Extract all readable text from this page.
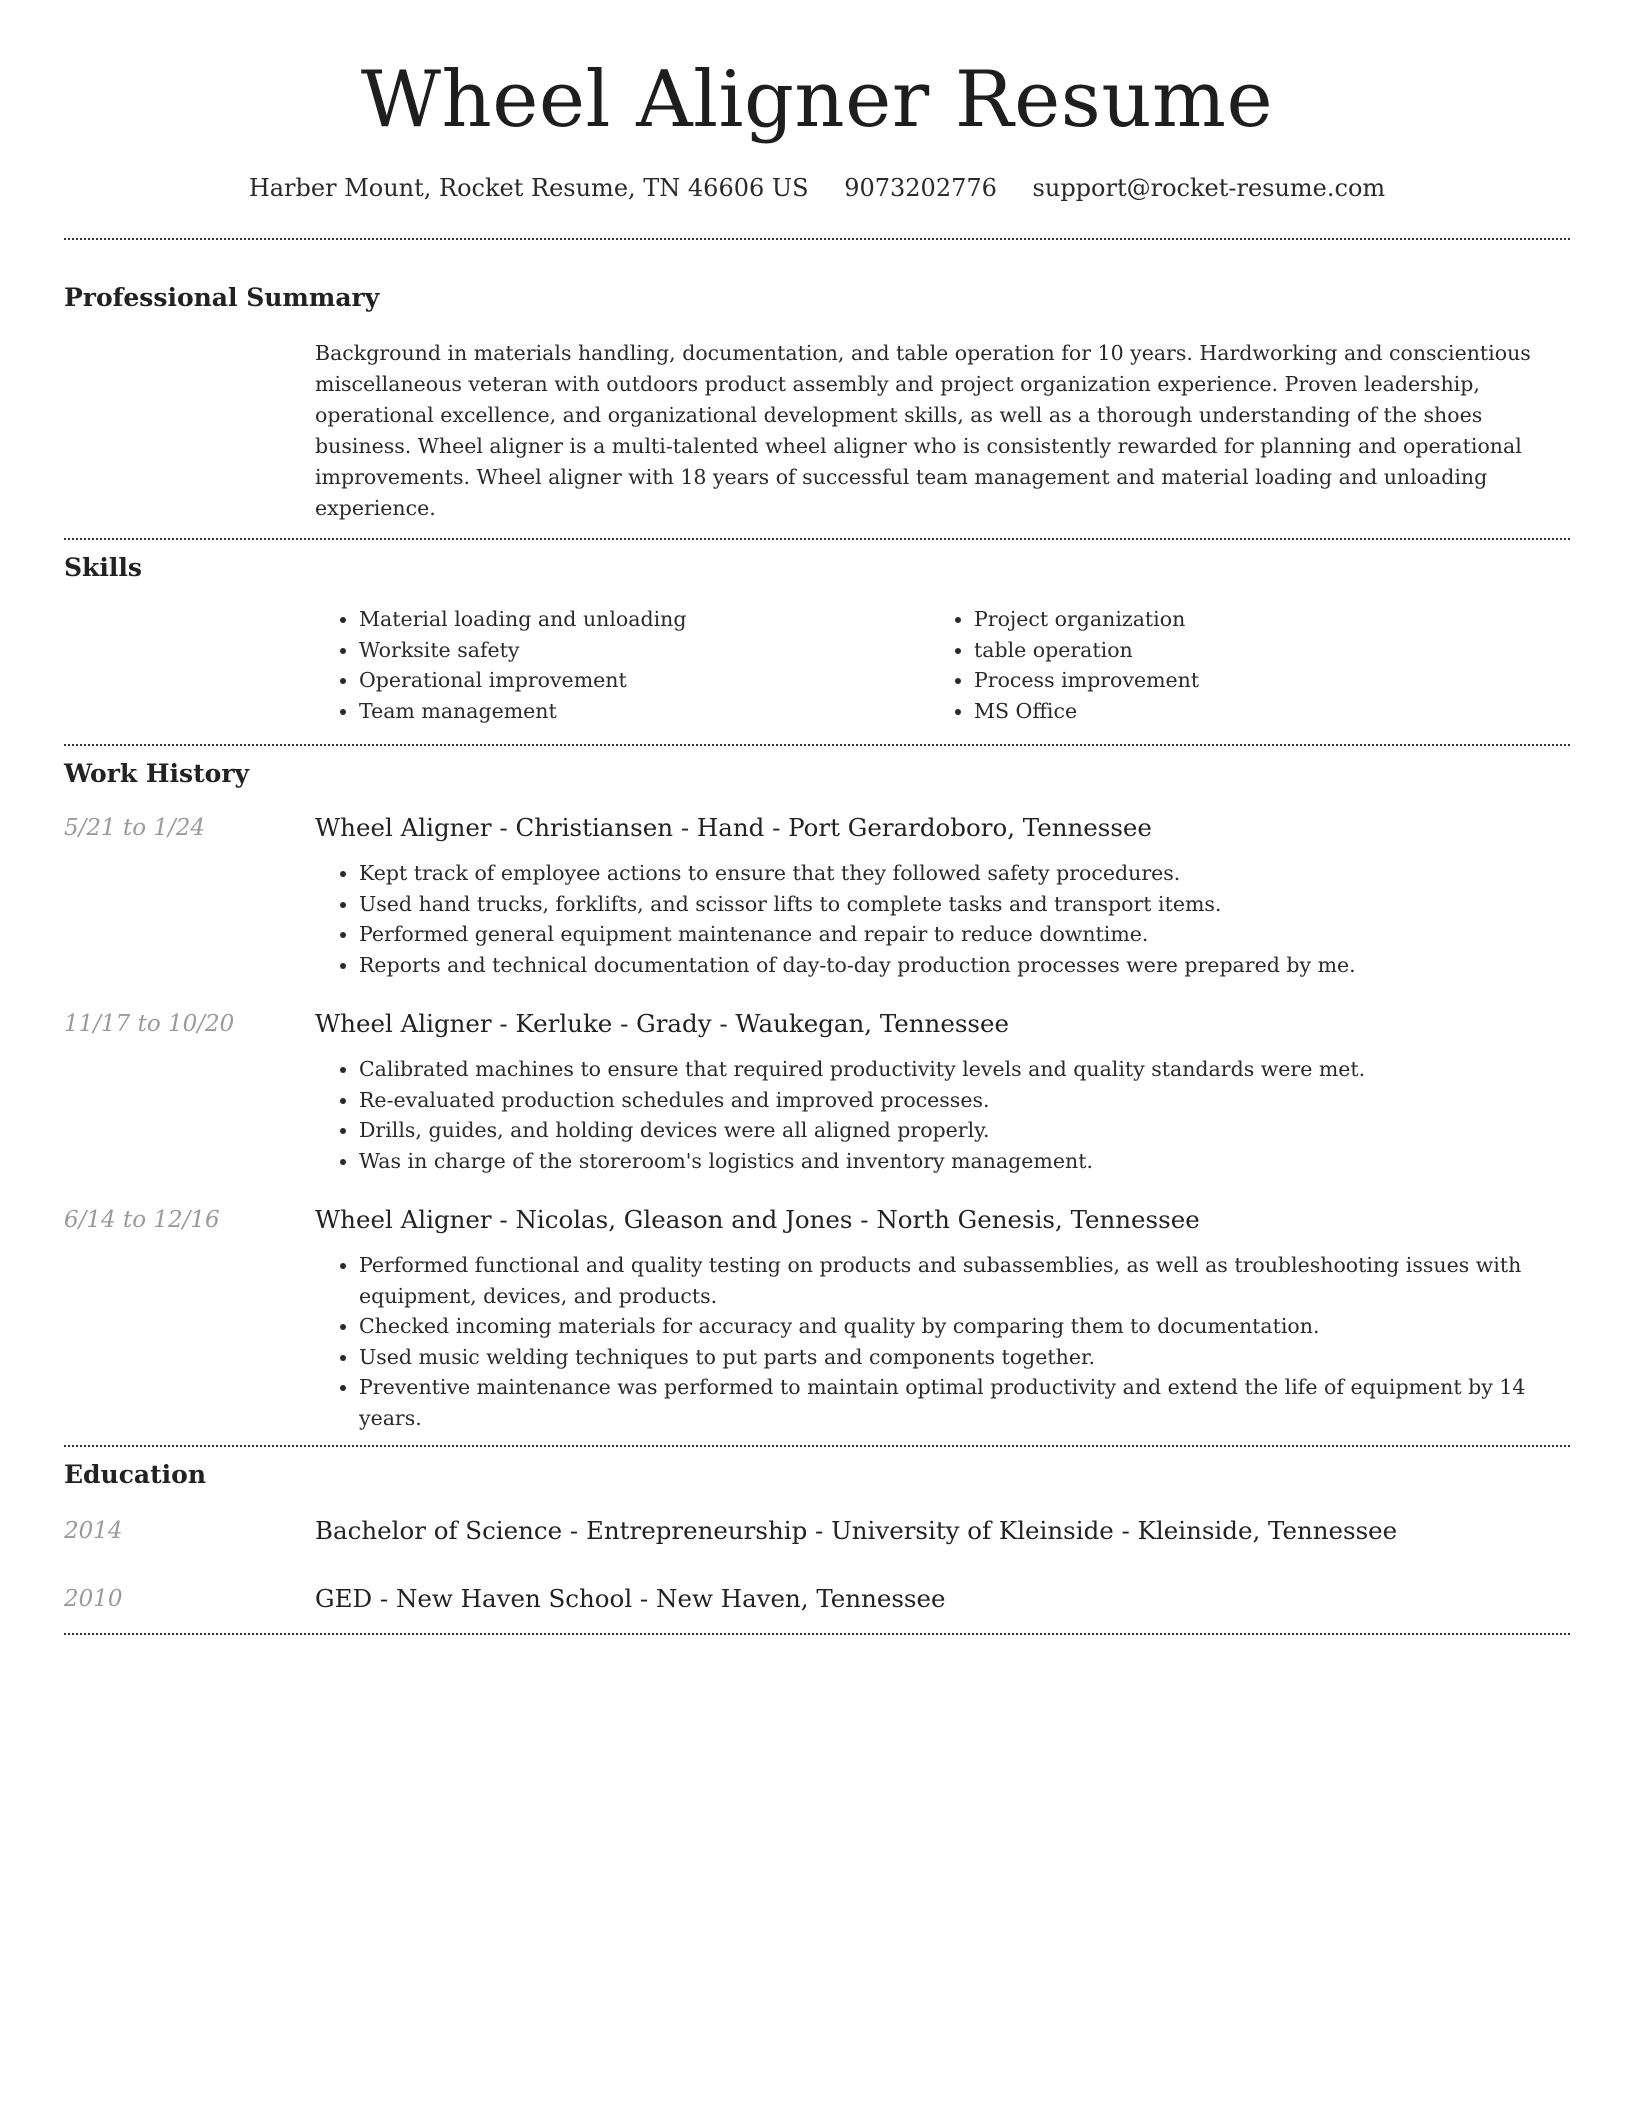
Wheel Aligner Resume
Harber Mount, Rocket Resume, TN 46606 US 9073202776 support@rocket-resume.com
Professional Summary

Background in materials handling, documentation, and table operation for 10 years. Hardworking and conscientious miscellaneous veteran with outdoors product assembly and project organization experience. Proven leadership, operational excellence, and organizational development skills, as well as a thorough understanding of the shoes business. Wheel aligner is a multi-talented wheel aligner who is consistently rewarded for planning and operational improvements. Wheel aligner with 18 years of successful team management and material loading and unloading experience.

Skills
• Material loading and unloading
• Worksite safety
• Operational improvement
• Team management
• Project organization
• table operation
• Process improvement
• MS Office
Work History
5/21 to 1/24	Wheel Aligner - Christiansen - Hand - Port Gerardoboro, Tennessee
• Kept track of employee actions to ensure that they followed safety procedures.
• Used hand trucks, forklifts, and scissor lifts to complete tasks and transport items.
• Performed general equipment maintenance and repair to reduce downtime.
• Reports and technical documentation of day-to-day production processes were prepared by me.
11/17 to 10/20	Wheel Aligner - Kerluke - Grady - Waukegan, Tennessee
• Calibrated machines to ensure that required productivity levels and quality standards were met.
• Re-evaluated production schedules and improved processes.
• Drills, guides, and holding devices were all aligned properly.
• Was in charge of the storeroom's logistics and inventory management.
6/14 to 12/16	Wheel Aligner - Nicolas, Gleason and Jones - North Genesis, Tennessee
• Performed functional and quality testing on products and subassemblies, as well as troubleshooting issues with equipment, devices, and products.
• Checked incoming materials for accuracy and quality by comparing them to documentation.
• Used music welding techniques to put parts and components together.
• Preventive maintenance was performed to maintain optimal productivity and extend the life of equipment by 14 years.
Education
2014	Bachelor of Science - Entrepreneurship - University of Kleinside - Kleinside, Tennessee
2010	GED - New Haven School - New Haven, Tennessee
